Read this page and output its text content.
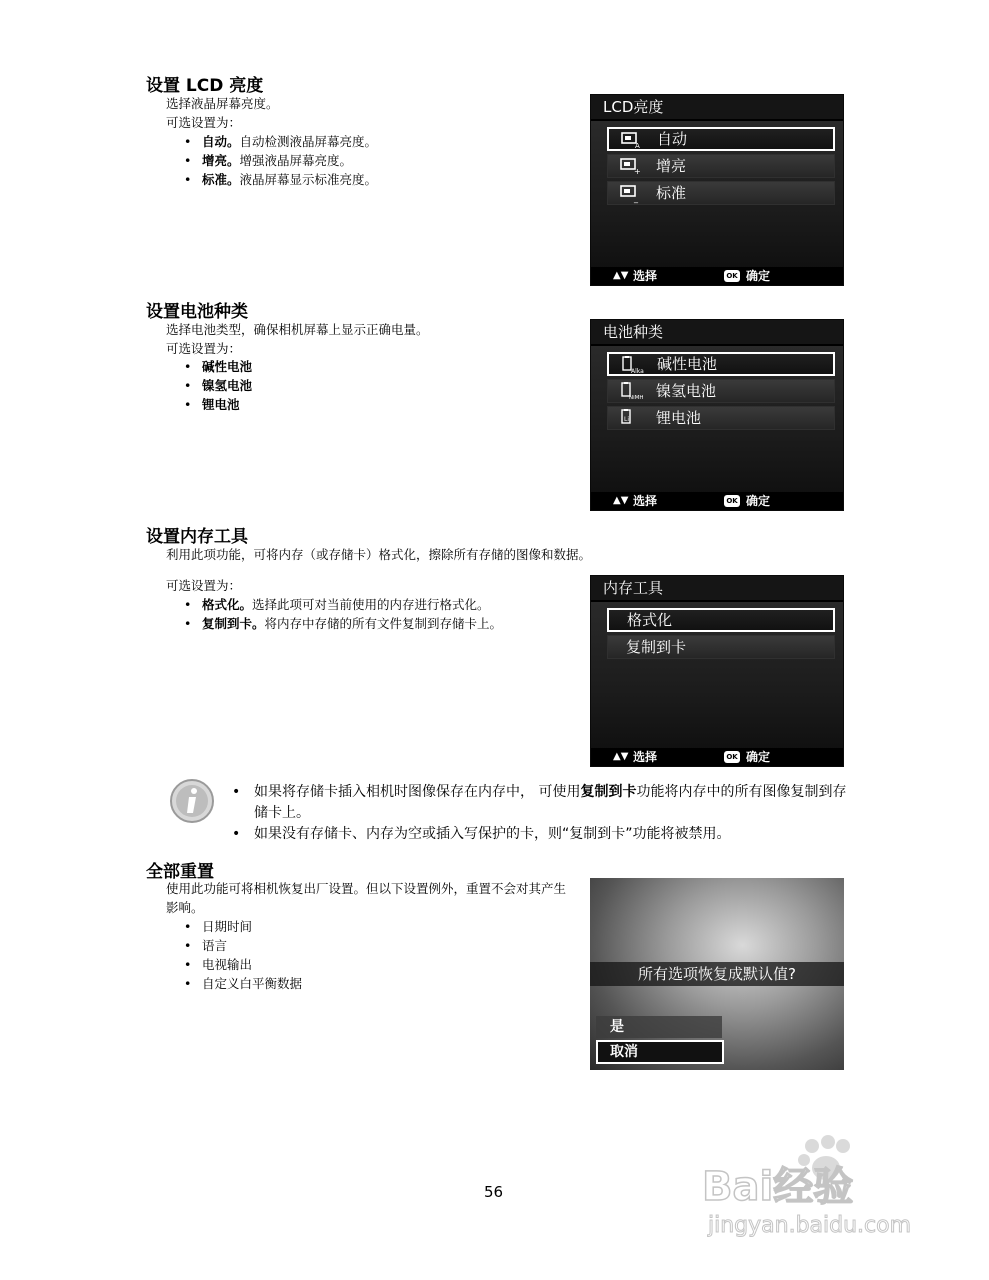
设置 LCD 亮度
选择液晶屏幕亮度。
可选设置为：
• 自动。自动检测液晶屏幕亮度。
• 增亮。增强液晶屏幕亮度。
• 标准。液晶屏幕显示标准亮度。
LCD亮度
A 自动
+ 增亮
_ 标准
▲▼ 选择	OK 确定
设置电池种类
选择电池类型，确保相机屏幕上显示正确电量。
可选设置为：
• 碱性电池
• 镍氢电池
• 锂电池
电池种类
Alka 碱性电池
NiMH 镍氢电池
Li 锂电池
▲▼ 选择	OK 确定
设置内存工具
利用此项功能，可将内存（或存储卡）格式化，擦除所有存储的图像和数据。
可选设置为：
• 格式化。选择此项可对当前使用的内存进行格式化。
• 复制到卡。将内存中存储的所有文件复制到存储卡上。
内存工具
格式化
复制到卡
▲▼ 选择	OK 确定
• 如果将存储卡插入相机时图像保存在内存中， 可使用复制到卡功能将内存中的所有图像复制到存储卡上。
• 如果没有存储卡、内存为空或插入写保护的卡，则“复制到卡”功能将被禁用。
全部重置
使用此功能可将相机恢复出厂设置。但以下设置例外，重置不会对其产生影响。
• 日期时间
• 语言
• 电视输出
• 自定义白平衡数据
所有选项恢复成默认值?
是
取消
56	Bai经验
jingyan.baidu.com
